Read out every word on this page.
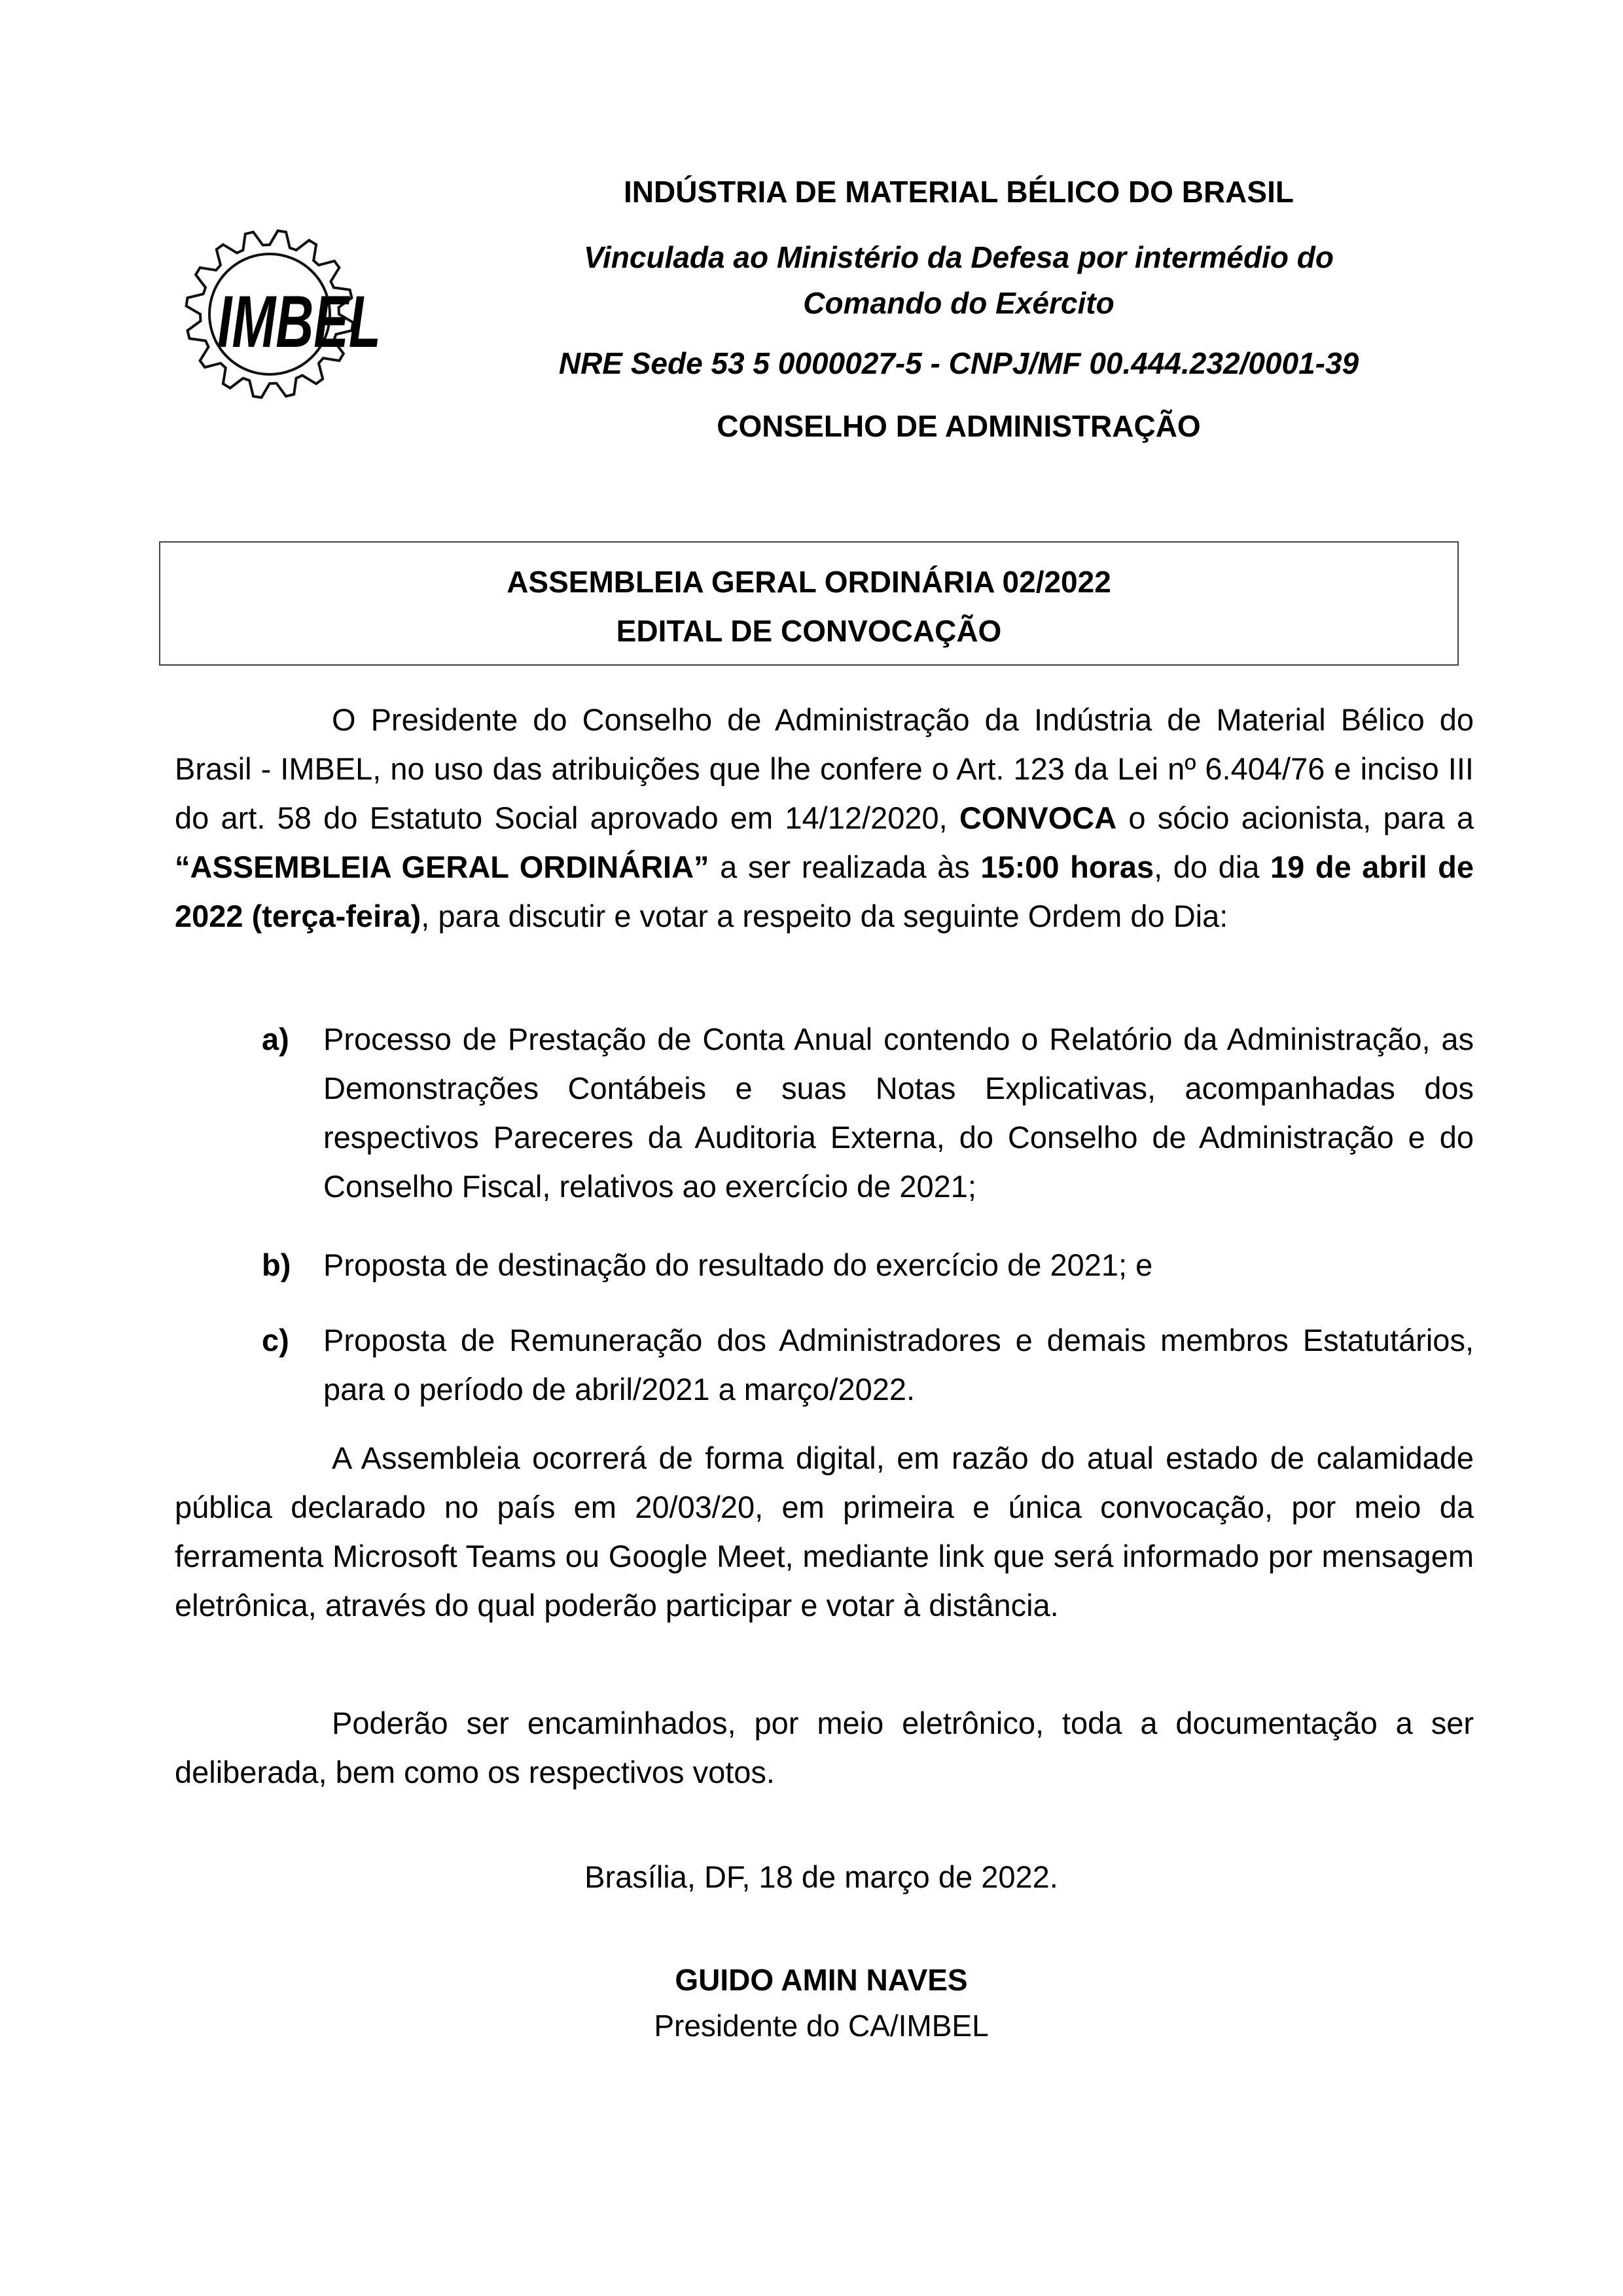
IMBEL
INDÚSTRIA DE MATERIAL BÉLICO DO BRASIL
Vinculada ao Ministério da Defesa por intermédio do
Comando do Exército
NRE Sede 53 5 0000027-5 - CNPJ/MF 00.444.232/0001-39
CONSELHO DE ADMINISTRAÇÃO
ASSEMBLEIA GERAL ORDINÁRIA 02/2022
EDITAL DE CONVOCAÇÃO

O Presidente do Conselho de Administração da Indústria de Material Bélico do Brasil - IMBEL, no uso das atribuições que lhe confere o Art. 123 da Lei nº 6.404/76 e inciso III do art. 58 do Estatuto Social aprovado em 14/12/2020, CONVOCA o sócio acionista, para a “ASSEMBLEIA GERAL ORDINÁRIA” a ser realizada às 15:00 horas, do dia 19 de abril de 2022 (terça-feira), para discutir e votar a respeito da seguinte Ordem do Dia:

a) Processo de Prestação de Conta Anual contendo o Relatório da Administração, as Demonstrações Contábeis e suas Notas Explicativas, acompanhadas dos respectivos Pareceres da Auditoria Externa, do Conselho de Administração e do Conselho Fiscal, relativos ao exercício de 2021;
b) Proposta de destinação do resultado do exercício de 2021; e
c) Proposta de Remuneração dos Administradores e demais membros Estatutários, para o período de abril/2021 a março/2022.

A Assembleia ocorrerá de forma digital, em razão do atual estado de calamidade pública declarado no país em 20/03/20, em primeira e única convocação, por meio da ferramenta Microsoft Teams ou Google Meet, mediante link que será informado por mensagem eletrônica, através do qual poderão participar e votar à distância.

Poderão ser encaminhados, por meio eletrônico, toda a documentação a ser deliberada, bem como os respectivos votos.

Brasília, DF, 18 de março de 2022.
GUIDO AMIN NAVES
Presidente do CA/IMBEL
